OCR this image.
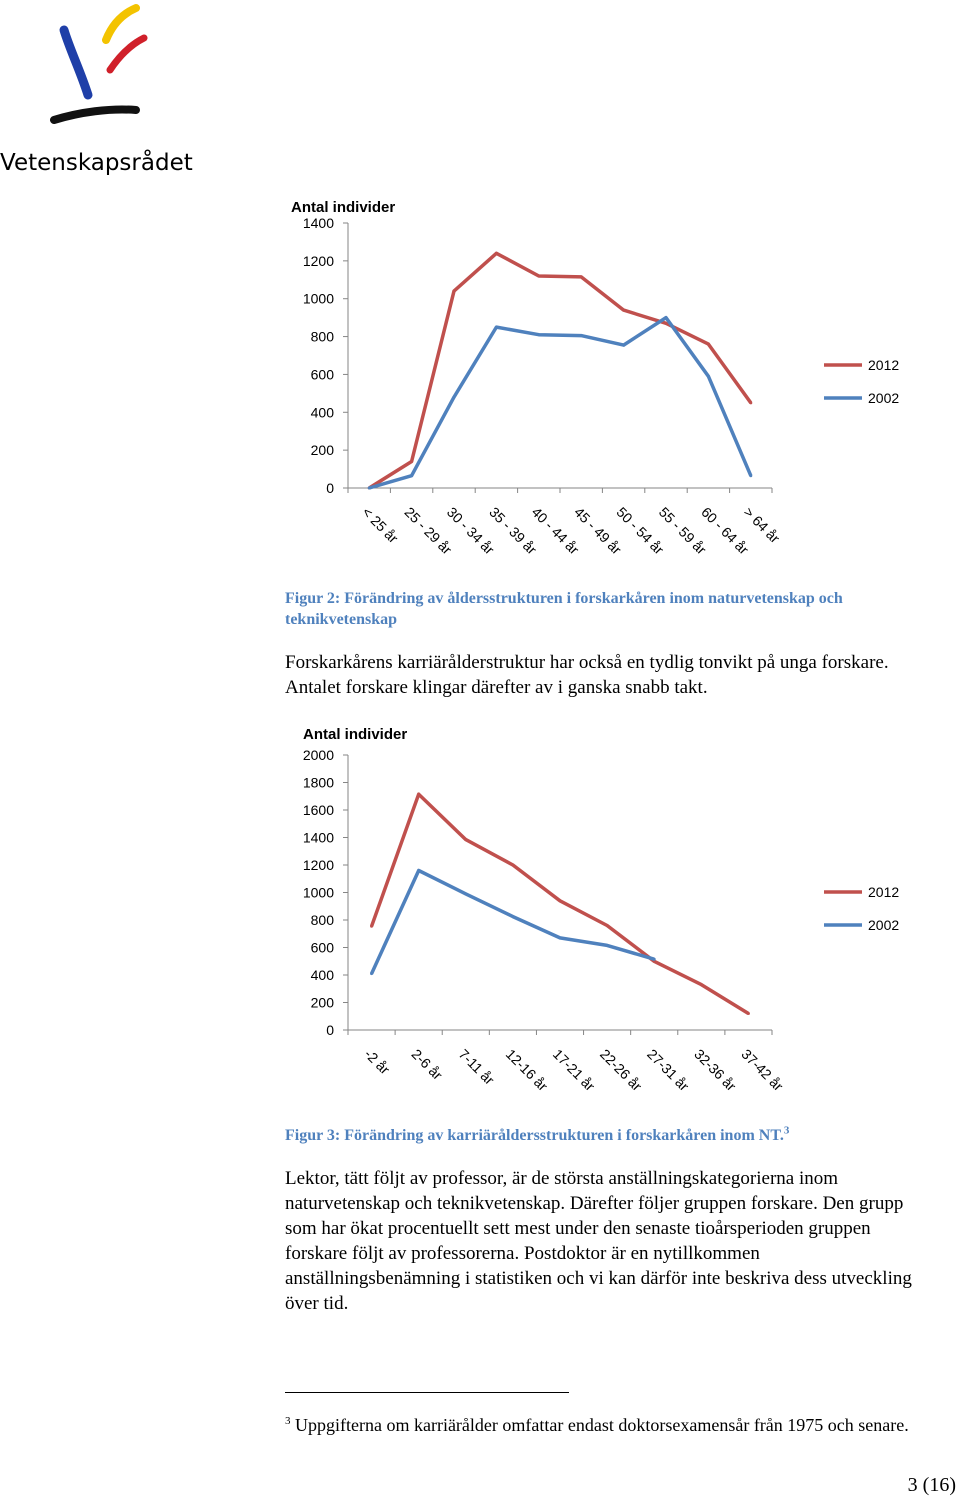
Vetenskapsrådet
Antal individer
1400
1200
1000
800
600
400
200
0
< 25 år 25 - 29 år
30 - 34 år
35 - 39 år
40 - 44 år
45 - 49 år
50 - 54 år
55 - 59 år
60 - 64 år
> 64 år
2012
2002
Figur 2: Förändring av åldersstrukturen i forskarkåren inom naturvetenskap och teknikvetenskap

Forskarkårens karriärålderstruktur har också en tydlig tonvikt på unga forskare. Antalet forskare klingar därefter av i ganska snabb takt.

Antal individer
2000
1800
1600
1400
1200
1000
800
600
400
200
0
-2 år 2-6 år 7-11 år 12-16 år
17-21 år
22-26 år
27-31 år
32-36 år
37-42 år
2012
2002
Figur 3: Förändring av karriäråldersstrukturen i forskarkåren inom NT.$^3$

Lektor, tätt följt av professor, är de största anställningskategorierna inom naturvetenskap och teknikvetenskap. Därefter följer gruppen forskare. Den grupp som har ökat procentuellt sett mest under den senaste tioårsperioden gruppen forskare följt av professorerna. Postdoktor är en nytillkommen anställningsbenämning i statistiken och vi kan därför inte beskriva dess utveckling över tid.

$^3$ Uppgifterna om karriärålder omfattar endast doktorsexamensår från 1975 och senare.
3 (16)
